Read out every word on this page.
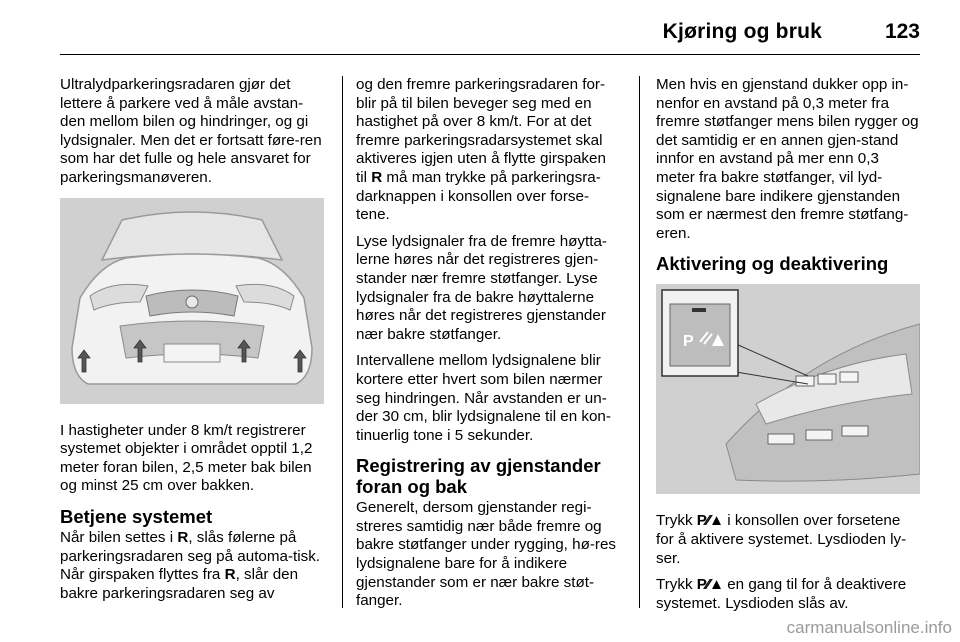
Kjøring og bruk	123

Ultralydparkeringsradaren gjør det lettere å parkere ved å måle avstan-den mellom bilen og hindringer, og gi lydsignaler. Men det er fortsatt føre-ren som har det fulle og hele ansvaret for parkeringsmanøveren.

I hastigheter under 8 km/t registrerer systemet objekter i området opptil 1,2 meter foran bilen, 2,5 meter bak bilen og minst 25 cm over bakken.

Betjene systemet

Når bilen settes i R, slås følerne på parkeringsradaren seg på automa-tisk. Når girspaken flyttes fra R, slår den bakre parkeringsradaren seg av

og den fremre parkeringsradaren for-blir på til bilen beveger seg med en hastighet på over 8 km/t. For at det fremre parkeringsradarsystemet skal aktiveres igjen uten å flytte girspaken til R må man trykke på parkeringsra-darknappen i konsollen over forse-tene.

Lyse lydsignaler fra de fremre høytta-lerne høres når det registreres gjen-stander nær fremre støtfanger. Lyse lydsignaler fra de bakre høyttalerne høres når det registreres gjenstander nær bakre støtfanger.

Intervallene mellom lydsignalene blir kortere etter hvert som bilen nærmer seg hindringen. Når avstanden er un-der 30 cm, blir lydsignalene til en kon-tinuerlig tone i 5 sekunder.

Registrering av gjenstander foran og bak

Generelt, dersom gjenstander regi-streres samtidig nær både fremre og bakre støtfanger under rygging, hø-res lydsignalene bare for å indikere gjenstander som er nær bakre støt-fanger.

Men hvis en gjenstand dukker opp in-nenfor en avstand på 0,3 meter fra fremre støtfanger mens bilen rygger og det samtidig er en annen gjen-stand innfor en avstand på mer enn 0,3 meter fra bakre støtfanger, vil lyd-signalene bare indikere gjenstanden som er nærmest den fremre støtfang-eren.

Aktivering og deaktivering
P

Trykk P⁄⁄▲ i konsollen over forsetene for å aktivere systemet. Lysdioden ly-ser.

Trykk P⁄⁄▲ en gang til for å deaktivere systemet. Lysdioden slås av.

carmanualsonline.info
